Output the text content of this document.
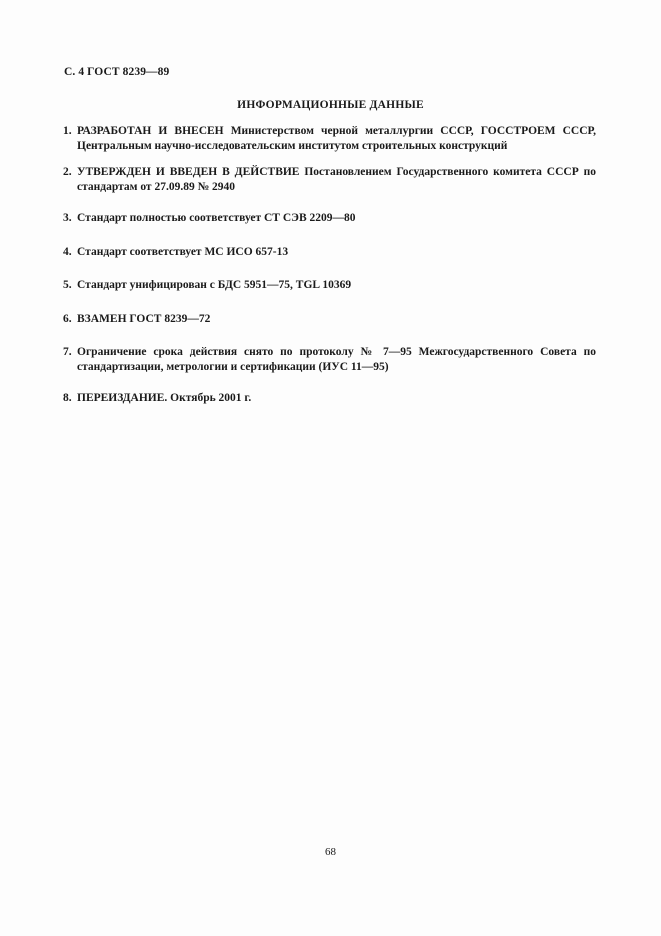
С. 4 ГОСТ 8239—89
ИНФОРМАЦИОННЫЕ ДАННЫЕ
1. РАЗРАБОТАН И ВНЕСЕН Министерством черной металлургии СССР, ГОССТРОЕМ СССР, Центральным научно-исследовательским институтом строительных конструкций
2. УТВЕРЖДЕН И ВВЕДЕН В ДЕЙСТВИЕ Постановлением Государственного комитета СССР по стандартам от 27.09.89 № 2940
3. Стандарт полностью соответствует СТ СЭВ 2209—80
4. Стандарт соответствует МС ИСО 657-13
5. Стандарт унифицирован с БДС 5951—75, TGL 10369
6. ВЗАМЕН ГОСТ 8239—72
7. Ограничение срока действия снято по протоколу № 7—95 Межгосударственного Совета по стандартизации, метрологии и сертификации (ИУС 11—95)
8. ПЕРЕИЗДАНИЕ. Октябрь 2001 г.
68
